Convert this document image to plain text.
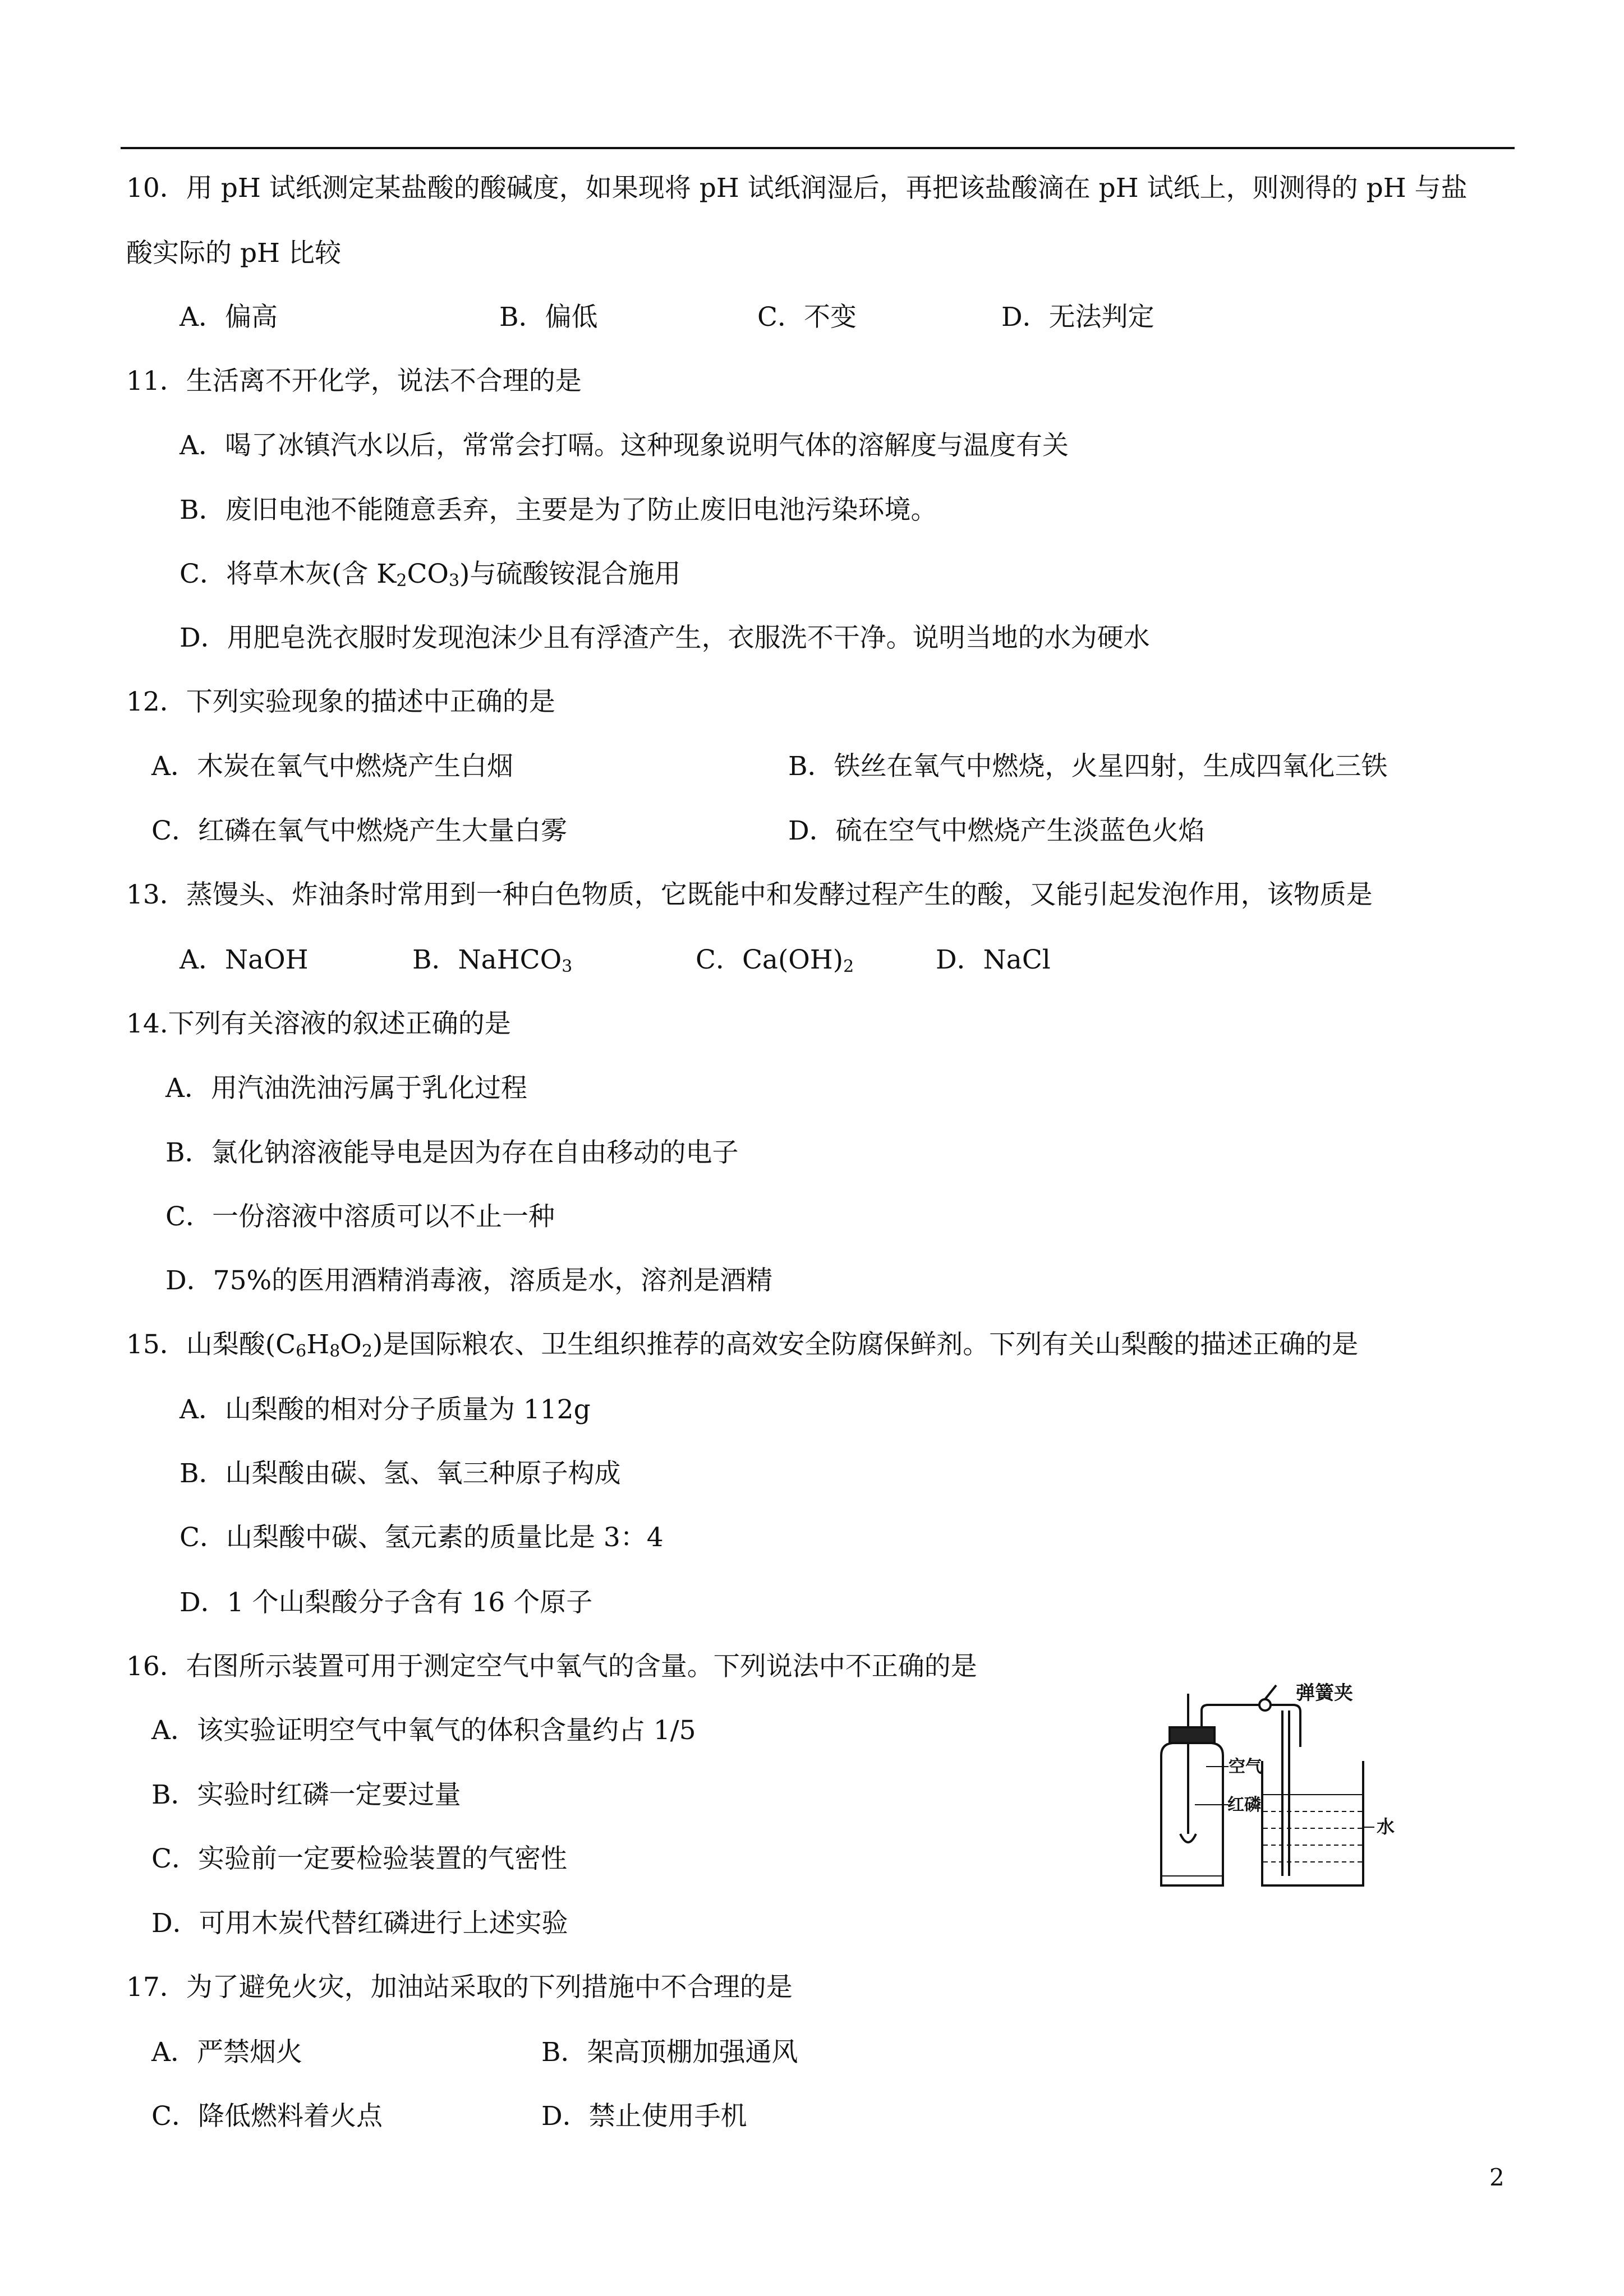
10．用 pH 试纸测定某盐酸的酸碱度，如果现将 pH 试纸润湿后，再把该盐酸滴在 pH 试纸上，则测得的 pH 与盐
酸实际的 pH 比较
A．偏高	B．偏低	C．不变	D．无法判定
11．生活离不开化学，说法不合理的是
A．喝了冰镇汽水以后，常常会打嗝。这种现象说明气体的溶解度与温度有关
B．废旧电池不能随意丢弃，主要是为了防止废旧电池污染环境。
C．将草木灰(含 $K_2CO_3$)与硫酸铵混合施用
D．用肥皂洗衣服时发现泡沫少且有浮渣产生，衣服洗不干净。说明当地的水为硬水
12．下列实验现象的描述中正确的是
A．木炭在氧气中燃烧产生白烟	B．铁丝在氧气中燃烧，火星四射，生成四氧化三铁
C．红磷在氧气中燃烧产生大量白雾	D．硫在空气中燃烧产生淡蓝色火焰
13．蒸馒头、炸油条时常用到一种白色物质，它既能中和发酵过程产生的酸，又能引起发泡作用，该物质是
A．NaOH	B．NaHCO$_3$	C．$Ca(OH)_2$	D．NaCl
14.下列有关溶液的叙述正确的是
A．用汽油洗油污属于乳化过程
B．氯化钠溶液能导电是因为存在自由移动的电子
C．一份溶液中溶质可以不止一种
D．75%的医用酒精消毒液，溶质是水，溶剂是酒精
15．山梨酸$(C_6H_8O_2)$是国际粮农、卫生组织推荐的高效安全防腐保鲜剂。下列有关山梨酸的描述正确的是
A．山梨酸的相对分子质量为 112g
B．山梨酸由碳、氢、氧三种原子构成
C．山梨酸中碳、氢元素的质量比是 3：4
D．1 个山梨酸分子含有 16 个原子
16．右图所示装置可用于测定空气中氧气的含量。下列说法中不正确的是
A．该实验证明空气中氧气的体积含量约占 1/5
B．实验时红磷一定要过量
C．实验前一定要检验装置的气密性
D．可用木炭代替红磷进行上述实验
弹簧夹
空气
红磷
水
17．为了避免火灾，加油站采取的下列措施中不合理的是
A．严禁烟火	B．架高顶棚加强通风
C．降低燃料着火点	D．禁止使用手机
2
